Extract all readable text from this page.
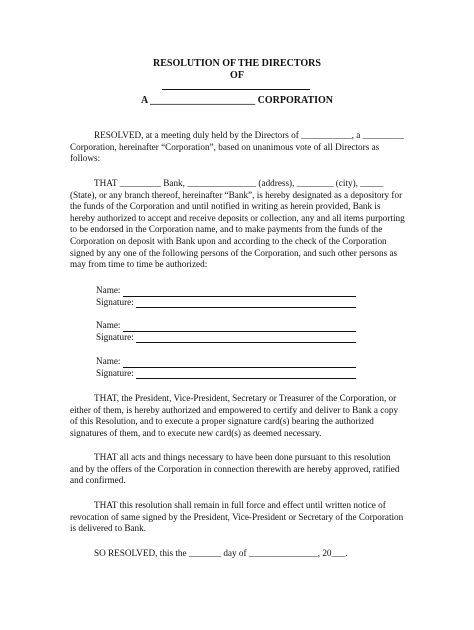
RESOLUTION OF THE DIRECTORS
OF
A _____________________ CORPORATION

RESOLVED, at a meeting duly held by the Directors of ___________, a _________ Corporation, hereinafter “Corporation”, based on unanimous vote of all Directors as follows:

THAT _________ Bank, _______________ (address), ________ (city), _____ (State), or any branch thereof, hereinafter “Bank”, is hereby designated as a depository for the funds of the Corporation and until notified in writing as herein provided, Bank is hereby authorized to accept and receive deposits or collection, any and all items purporting to be endorsed in the Corporation name, and to make payments from the funds of the Corporation on deposit with Bank upon and according to the check of the Corporation signed by any one of the following persons of the Corporation, and such other persons as may from time to time be authorized:

Name:
Signature:
Name:
Signature:
Name:
Signature:

THAT, the President, Vice-President, Secretary or Treasurer of the Corporation, or either of them, is hereby authorized and empowered to certify and deliver to Bank a copy of this Resolution, and to execute a proper signature card(s) bearing the authorized signatures of them, and to execute new card(s) as deemed necessary.

THAT all acts and things necessary to have been done pursuant to this resolution and by the offers of the Corporation in connection therewith are hereby approved, ratified and confirmed.

THAT this resolution shall remain in full force and effect until written notice of revocation of same signed by the President, Vice-President or Secretary of the Corporation is delivered to Bank.

SO RESOLVED, this the _______ day of _______________, 20___.
